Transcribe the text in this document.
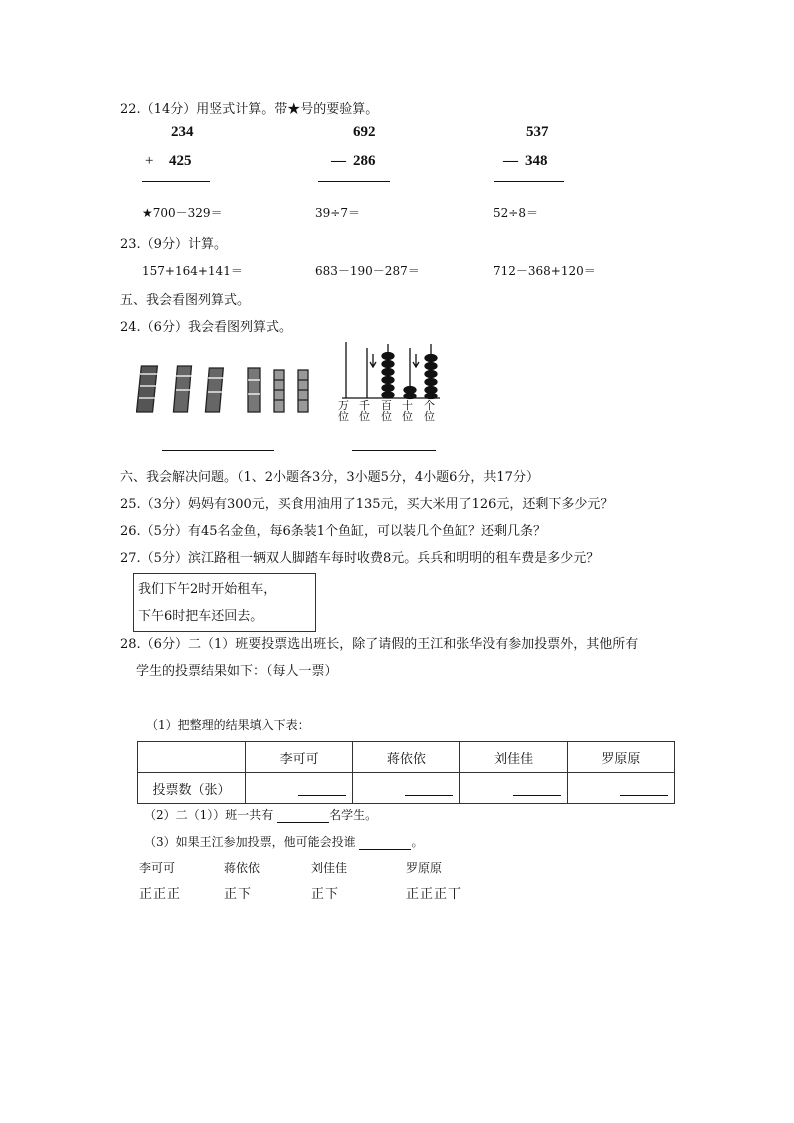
22.（14分）用竖式计算。带★号的要验算。
234
+ 425
692
— 286
537
— 348
★700－329＝	39÷7＝	52÷8＝
23.（9分）计算。
157+164+141＝	683－190－287＝	712－368+120＝
五、我会看图列算式。
24.（6分）我会看图列算式。
万位
千位
百位
十位
个位
六、我会解决问题。（1、2小题各3分，3小题5分，4小题6分，共17分）
25.（3分）妈妈有300元，买食用油用了135元，买大米用了126元，还剩下多少元？
26.（5分）有45名金鱼，每6条装1个鱼缸，可以装几个鱼缸？还剩几条？
27.（5分）滨江路租一辆双人脚踏车每时收费8元。兵兵和明明的租车费是多少元？
我们下午2时开始租车，
下午6时把车还回去。
28.（6分）二（1）班要投票选出班长，除了请假的王江和张华没有参加投票外，其他所有
学生的投票结果如下：（每人一票）
（1）把整理的结果填入下表：
	李可可	蒋依依	刘佳佳	罗原原
投票数（张）				
（2）二（1））班一共有	名学生。
（3）如果王江参加投票，他可能会投谁	。
李可可	蒋依依	刘佳佳	罗原原
正正正	正下	正下	正正正丅
